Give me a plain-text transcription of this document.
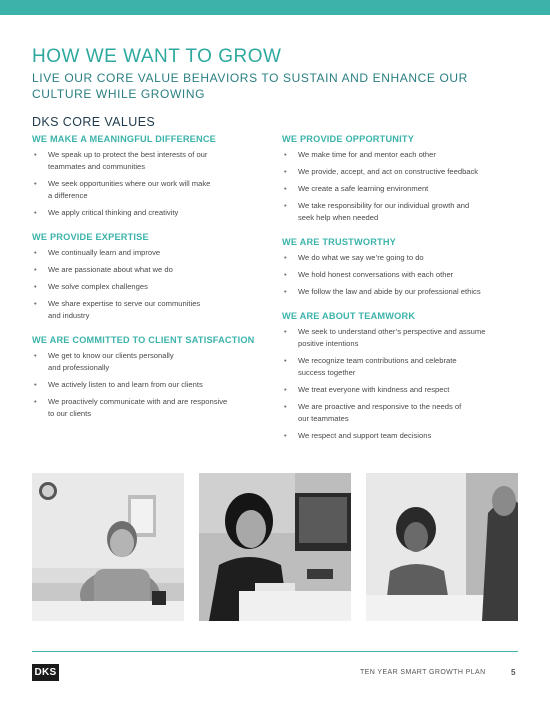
HOW WE WANT TO GROW
LIVE OUR CORE VALUE BEHAVIORS TO SUSTAIN AND ENHANCE OUR CULTURE WHILE GROWING
DKS CORE VALUES
WE MAKE A MEANINGFUL DIFFERENCE
• We speak up to protect the best interests of our
teammates and communities
• We seek opportunities where our work will make
a difference
• We apply critical thinking and creativity
WE PROVIDE EXPERTISE
• We continually learn and improve
• We are passionate about what we do
• We solve complex challenges
• We share expertise to serve our communities
and industry
WE ARE COMMITTED TO CLIENT SATISFACTION
• We get to know our clients personally
and professionally
• We actively listen to and learn from our clients
• We proactively communicate with and are responsive
to our clients
WE PROVIDE OPPORTUNITY
• We make time for and mentor each other
• We provide, accept, and act on constructive feedback
• We create a safe learning environment
• We take responsibility for our individual growth and
seek help when needed
WE ARE TRUSTWORTHY
• We do what we say we’re going to do
• We hold honest conversations with each other
• We follow the law and abide by our professional ethics
WE ARE ABOUT TEAMWORK
• We seek to understand other’s perspective and assume
positive intentions
• We recognize team contributions and celebrate
success together
• We treat everyone with kindness and respect
• We are proactive and responsive to the needs of
our teammates
• We respect and support team decisions
DKS	TEN YEAR SMART GROWTH PLAN	5
